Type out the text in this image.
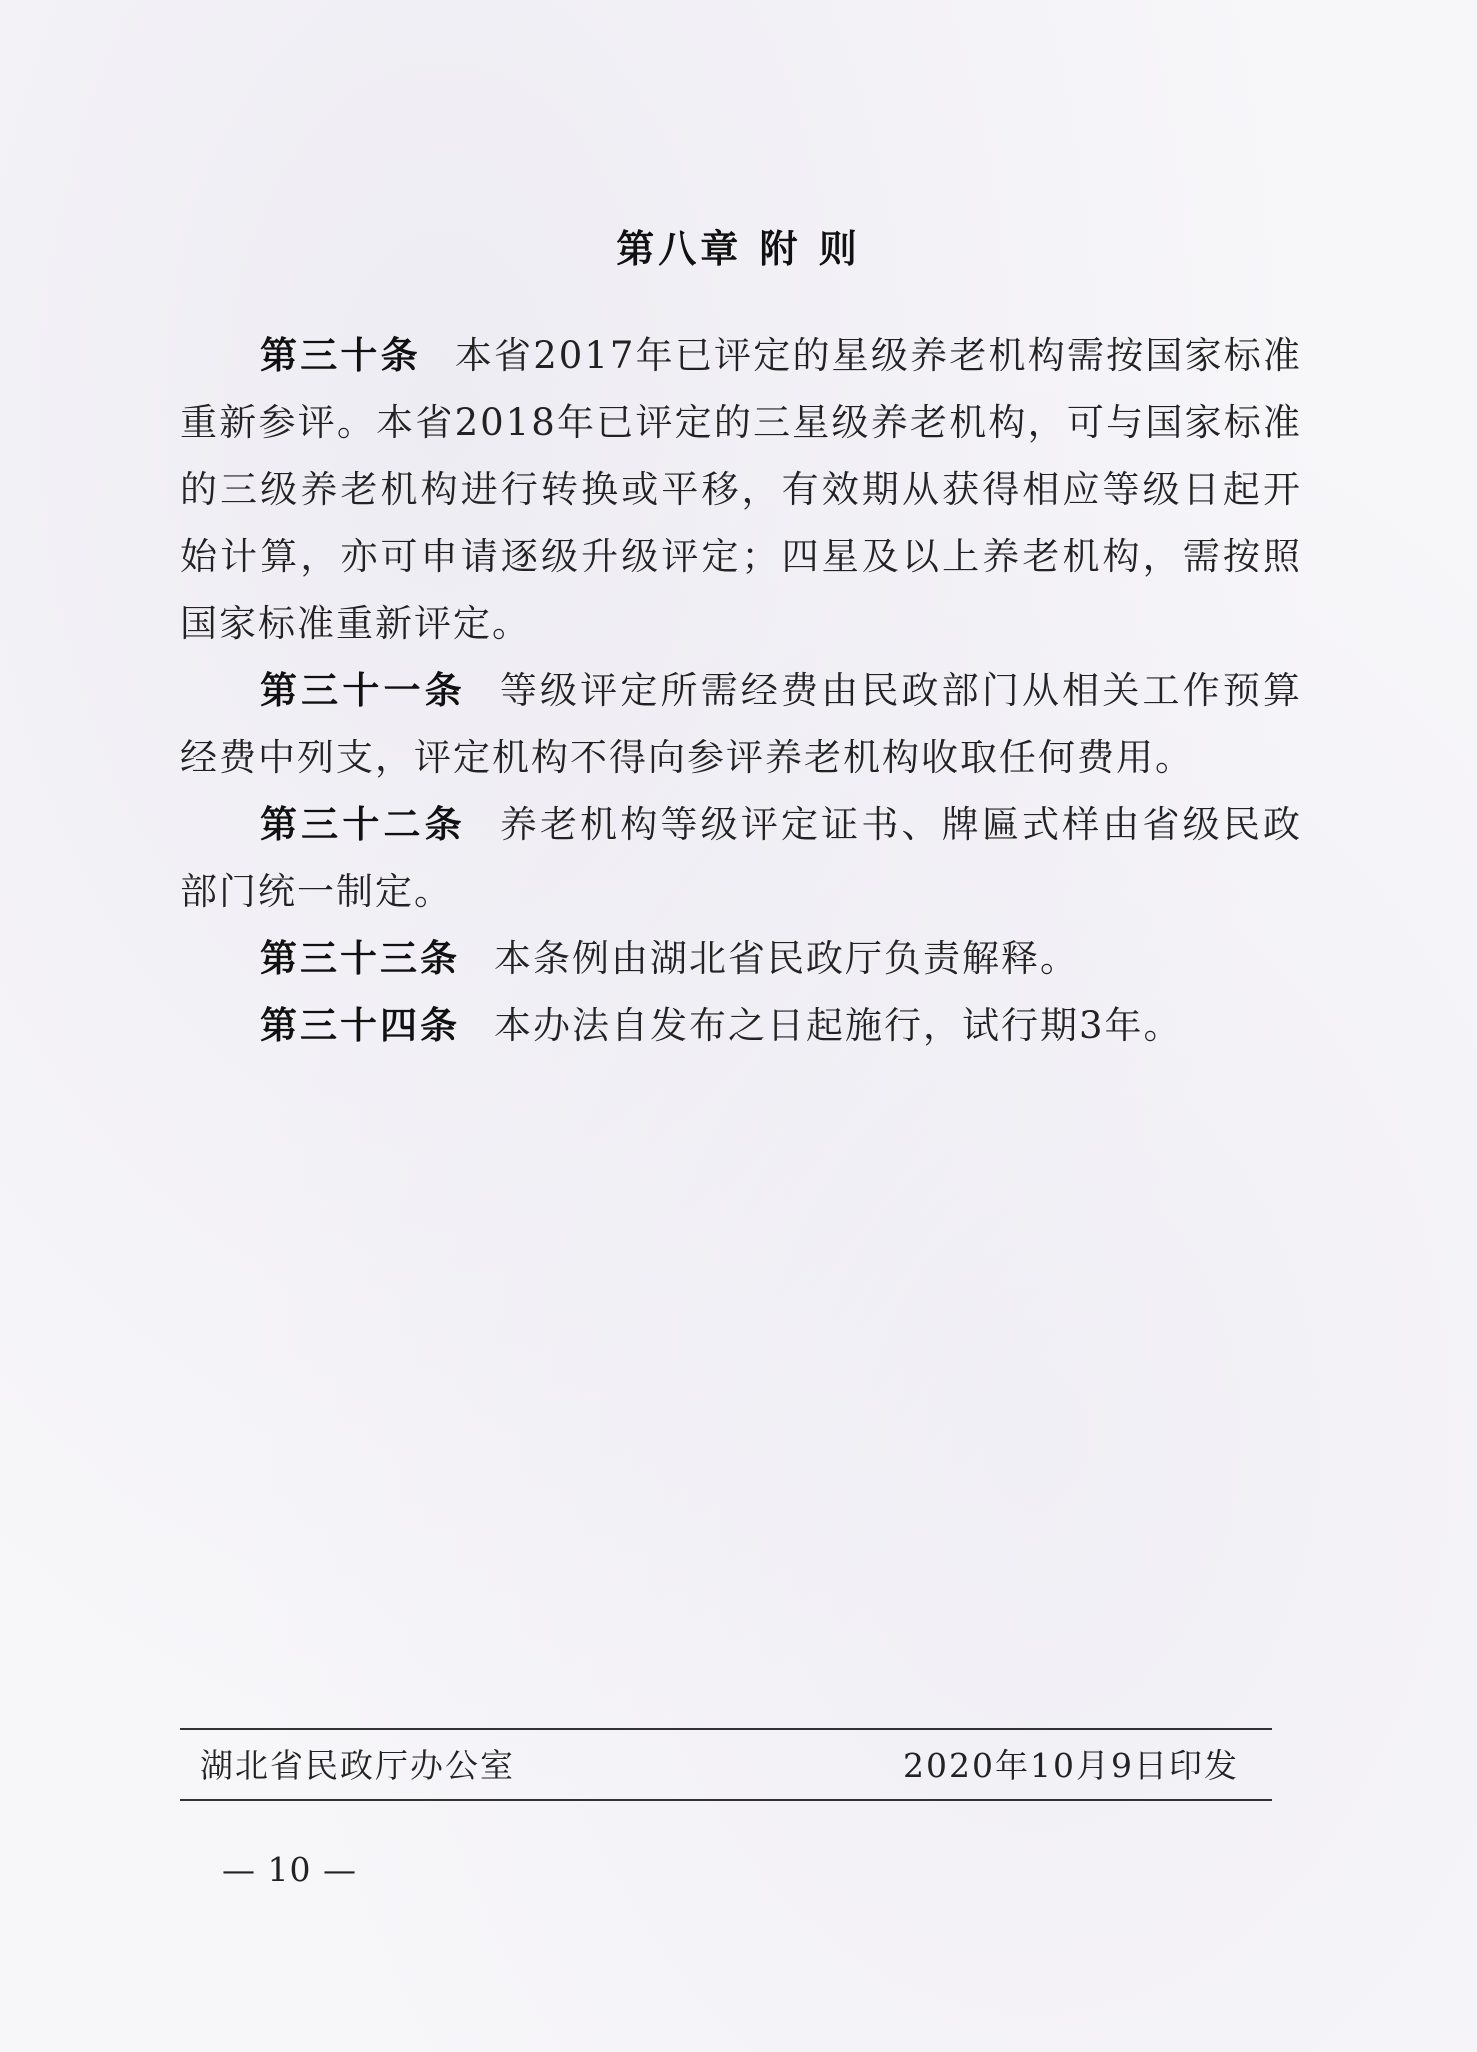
第八章 附 则

第三十条 本省2017年已评定的星级养老机构需按国家标准重新参评。本省2018年已评定的三星级养老机构，可与国家标准的三级养老机构进行转换或平移，有效期从获得相应等级日起开始计算，亦可申请逐级升级评定；四星及以上养老机构，需按照国家标准重新评定。

第三十一条 等级评定所需经费由民政部门从相关工作预算经费中列支，评定机构不得向参评养老机构收取任何费用。

第三十二条 养老机构等级评定证书、牌匾式样由省级民政部门统一制定。

第三十三条 本条例由湖北省民政厅负责解释。

第三十四条 本办法自发布之日起施行，试行期3年。

湖北省民政厅办公室	2020年10月9日印发
— 10 —
